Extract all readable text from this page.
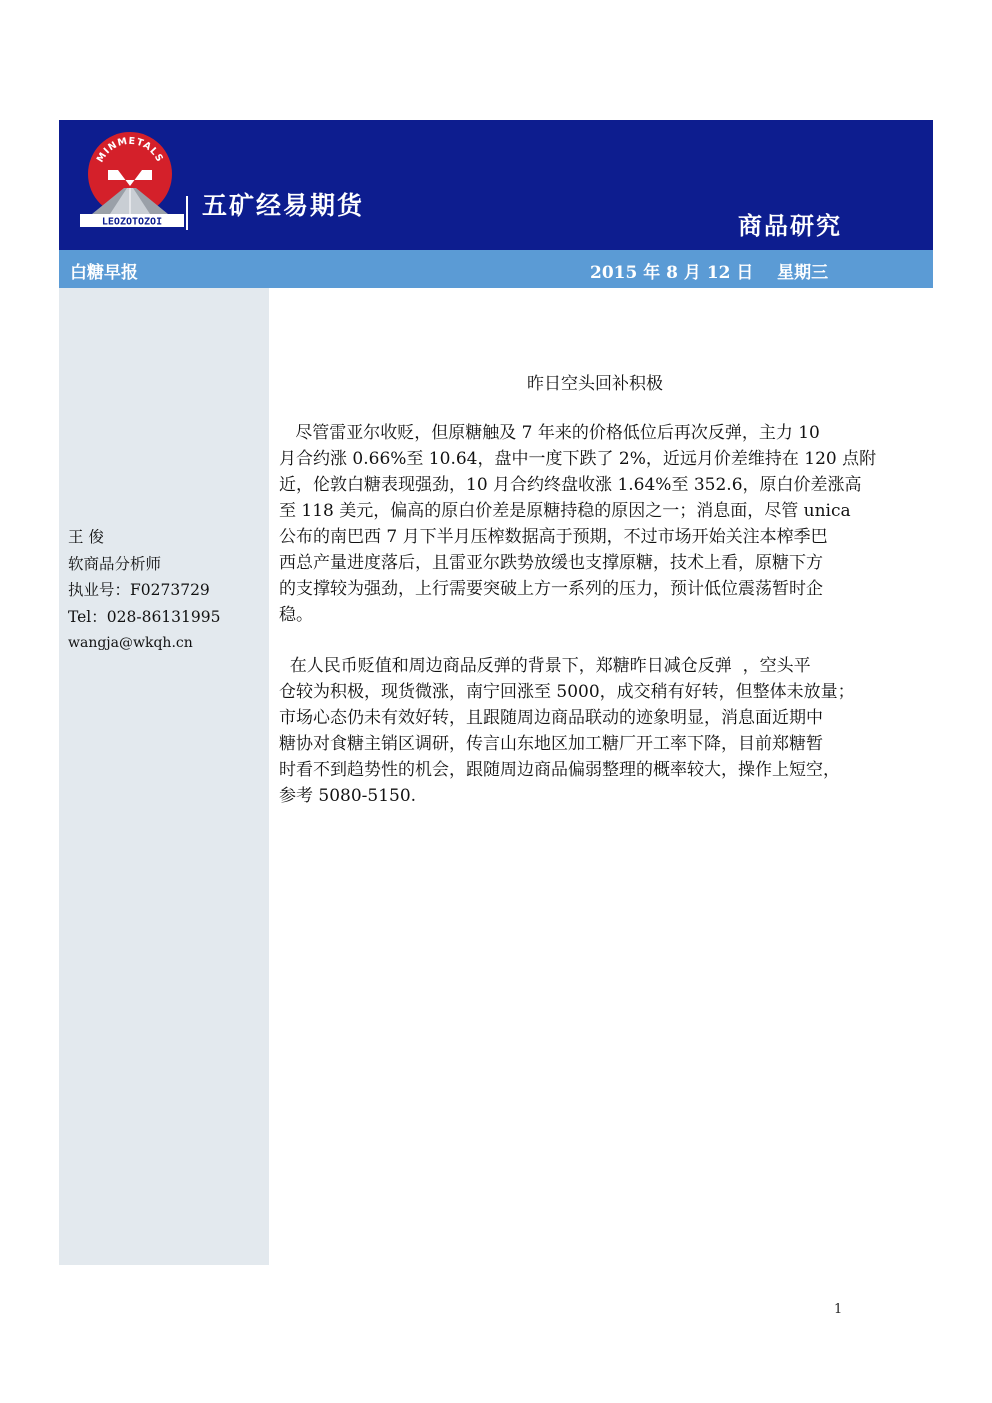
MINMETALS
LEOZOTOZOI
五矿经易期货
商品研究
白糖早报	2015 年 8 月 12 日    星期三
王 俊
软商品分析师
执业号：F0273729
Tel：028-86131995
wangja@wkqh.cn
昨日空头回补积极
尽管雷亚尔收贬，但原糖触及 7 年来的价格低位后再次反弹，主力 10
月合约涨 0.66%至 10.64，盘中一度下跌了 2%，近远月价差维持在 120 点附
近，伦敦白糖表现强劲，10 月合约终盘收涨 1.64%至 352.6，原白价差涨高
至 118 美元，偏高的原白价差是原糖持稳的原因之一；消息面，尽管 unica
公布的南巴西 7 月下半月压榨数据高于预期，不过市场开始关注本榨季巴
西总产量进度落后，且雷亚尔跌势放缓也支撑原糖，技术上看，原糖下方
的支撑较为强劲，上行需要突破上方一系列的压力，预计低位震荡暂时企
稳。
在人民币贬值和周边商品反弹的背景下，郑糖昨日减仓反弹  ，空头平
仓较为积极，现货微涨，南宁回涨至 5000，成交稍有好转，但整体未放量；
市场心态仍未有效好转，且跟随周边商品联动的迹象明显，消息面近期中
糖协对食糖主销区调研，传言山东地区加工糖厂开工率下降，目前郑糖暂
时看不到趋势性的机会，跟随周边商品偏弱整理的概率较大，操作上短空，
参考 5080-5150.
1
